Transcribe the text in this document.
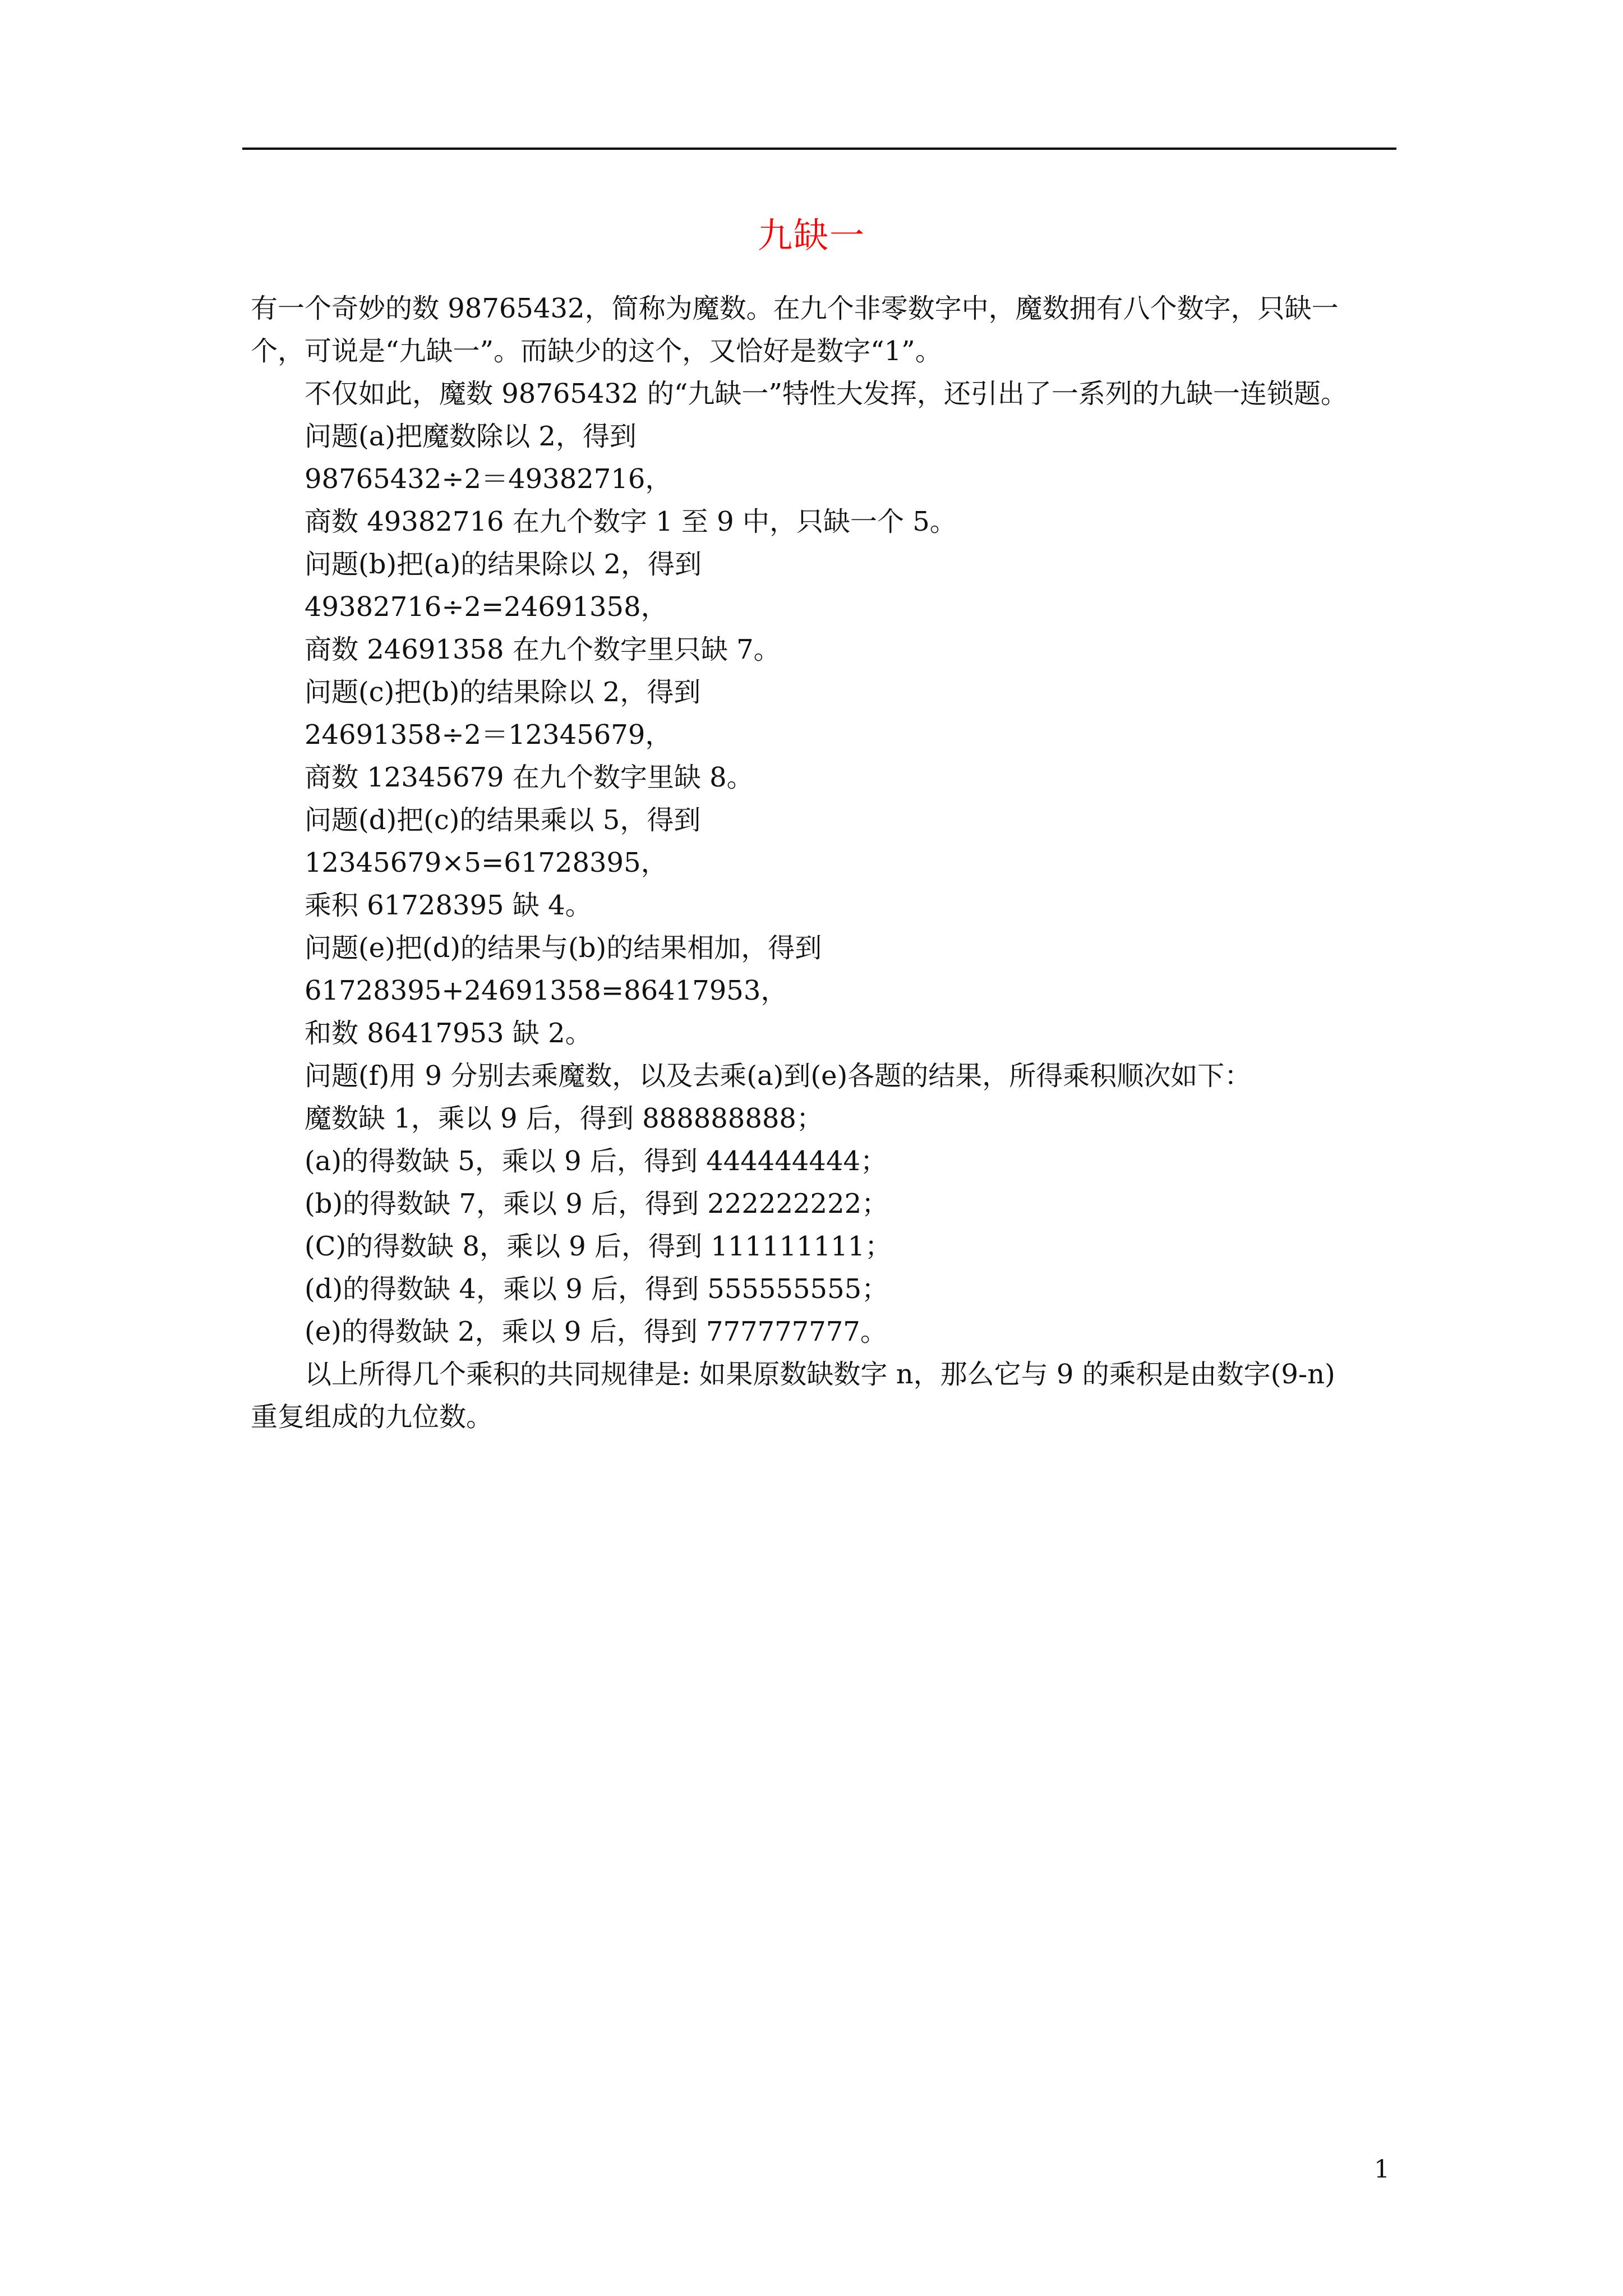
九缺一

有一个奇妙的数 98765432，简称为魔数。在九个非零数字中，魔数拥有八个数字，只缺一

个，可说是“九缺一”。而缺少的这个，又恰好是数字“1”。

不仅如此，魔数 98765432 的“九缺一”特性大发挥，还引出了一系列的九缺一连锁题。

问题(a)把魔数除以 2，得到

98765432÷2＝49382716，

商数 49382716 在九个数字 1 至 9 中，只缺一个 5。

问题(b)把(a)的结果除以 2，得到

49382716÷2=24691358，

商数 24691358 在九个数字里只缺 7。

问题(c)把(b)的结果除以 2，得到

24691358÷2＝12345679，

商数 12345679 在九个数字里缺 8。

问题(d)把(c)的结果乘以 5，得到

12345679×5=61728395，

乘积 61728395 缺 4。

问题(e)把(d)的结果与(b)的结果相加，得到

61728395+24691358=86417953，

和数 86417953 缺 2。

问题(f)用 9 分别去乘魔数，以及去乘(a)到(e)各题的结果，所得乘积顺次如下：

魔数缺 1，乘以 9 后，得到 888888888；

(a)的得数缺 5，乘以 9 后，得到 444444444；

(b)的得数缺 7，乘以 9 后，得到 222222222；

(C)的得数缺 8，乘以 9 后，得到 111111111；

(d)的得数缺 4，乘以 9 后，得到 555555555；

(e)的得数缺 2，乘以 9 后，得到 777777777。

以上所得几个乘积的共同规律是: 如果原数缺数字 n，那么它与 9 的乘积是由数字(9-n)

重复组成的九位数。

1
